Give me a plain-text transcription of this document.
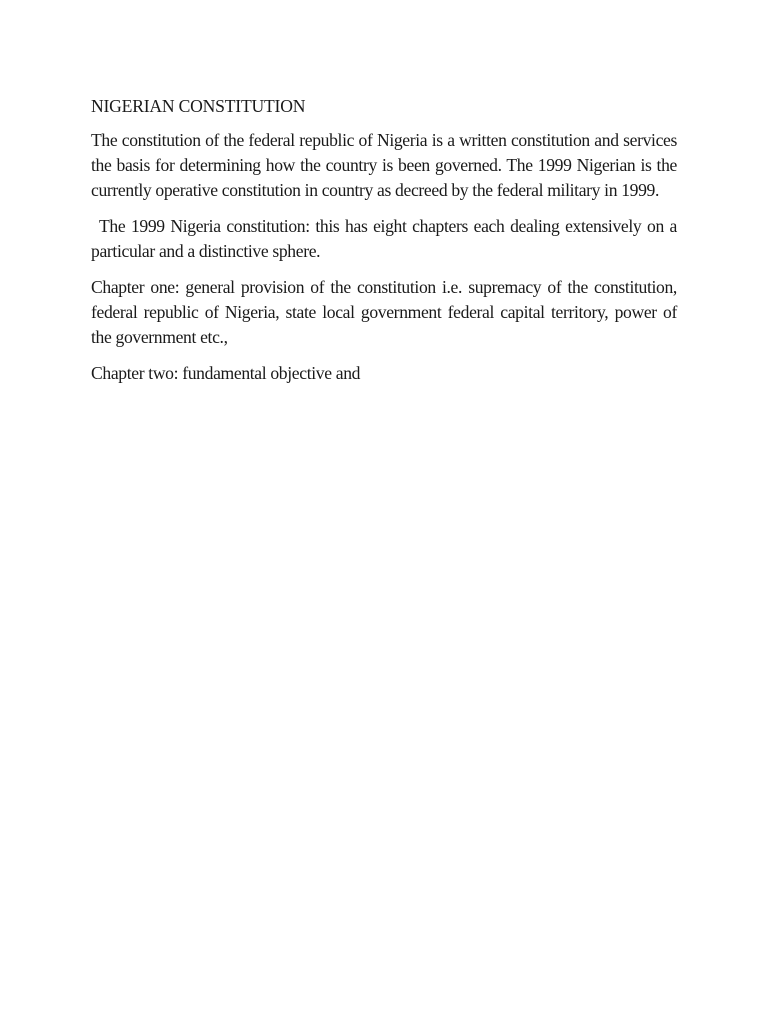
NIGERIAN CONSTITUTION

The constitution of the federal republic of Nigeria is a written constitution and services the basis for determining how the country is been governed. The 1999 Nigerian is the currently operative constitution in country as decreed by the federal military in 1999.

The 1999 Nigeria constitution: this has eight chapters each dealing extensively on a particular and a distinctive sphere.

Chapter one: general provision of the constitution i.e. supremacy of the constitution, federal republic of Nigeria, state local government federal capital territory, power of the government etc.,

Chapter two: fundamental objective and
